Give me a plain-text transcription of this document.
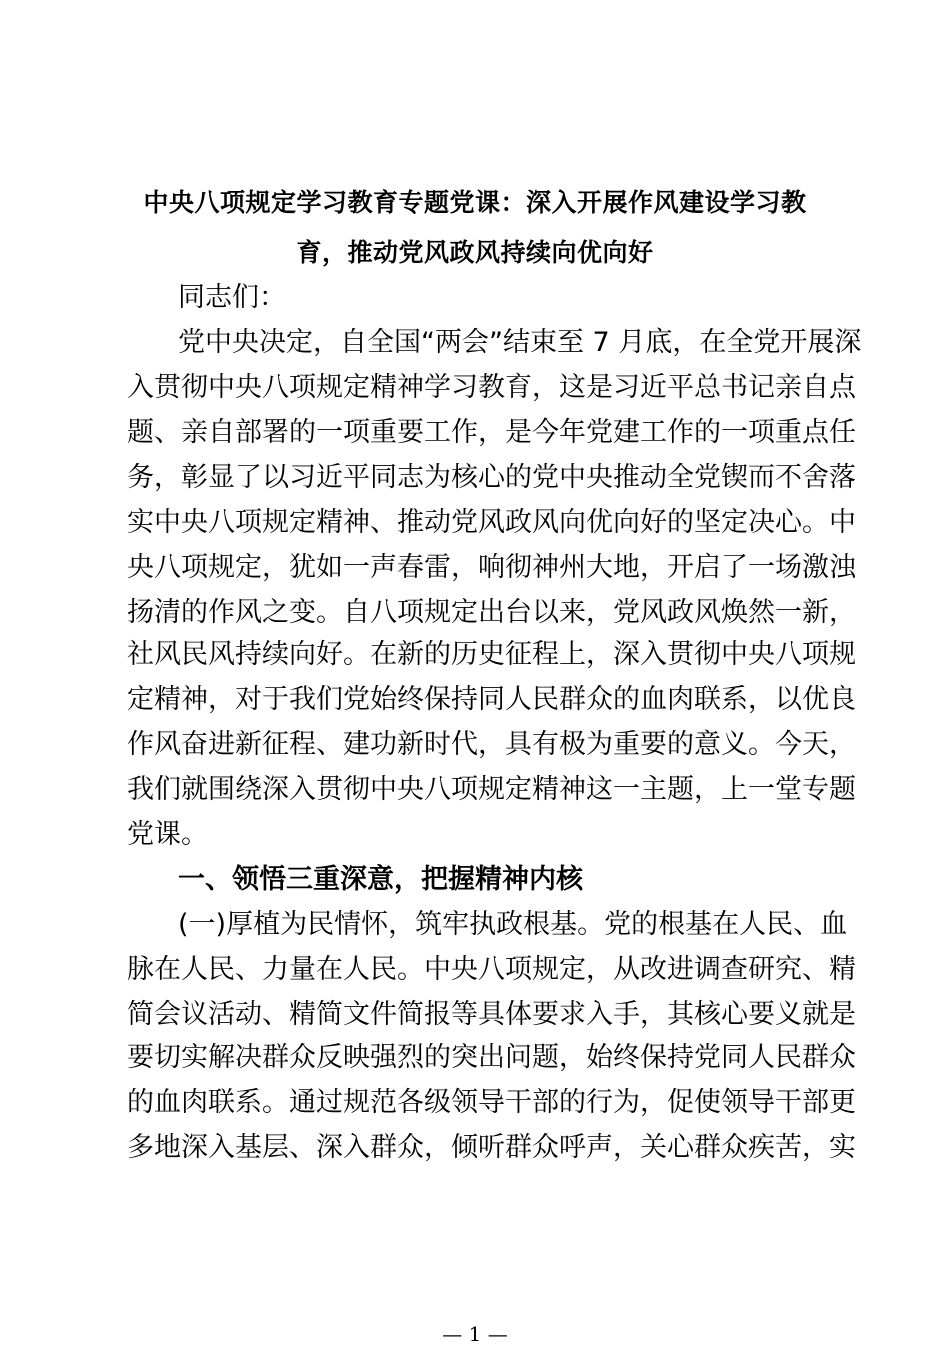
中央八项规定学习教育专题党课：深入开展作风建设学习教
育，推动党风政风持续向优向好
同志们：
党中央决定，自全国“两会”结束至 7 月底，在全党开展深
入贯彻中央八项规定精神学习教育，这是习近平总书记亲自点
题、亲自部署的一项重要工作，是今年党建工作的一项重点任
务，彰显了以习近平同志为核心的党中央推动全党锲而不舍落
实中央八项规定精神、推动党风政风向优向好的坚定决心。中
央八项规定，犹如一声春雷，响彻神州大地，开启了一场激浊
扬清的作风之变。自八项规定出台以来，党风政风焕然一新，
社风民风持续向好。在新的历史征程上，深入贯彻中央八项规
定精神，对于我们党始终保持同人民群众的血肉联系，以优良
作风奋进新征程、建功新时代，具有极为重要的意义。今天，
我们就围绕深入贯彻中央八项规定精神这一主题，上一堂专题
党课。
一、领悟三重深意，把握精神内核
(一)厚植为民情怀，筑牢执政根基。党的根基在人民、血
脉在人民、力量在人民。中央八项规定，从改进调查研究、精
简会议活动、精简文件简报等具体要求入手，其核心要义就是
要切实解决群众反映强烈的突出问题，始终保持党同人民群众
的血肉联系。通过规范各级领导干部的行为，促使领导干部更
多地深入基层、深入群众，倾听群众呼声，关心群众疾苦，实
— 1 —
